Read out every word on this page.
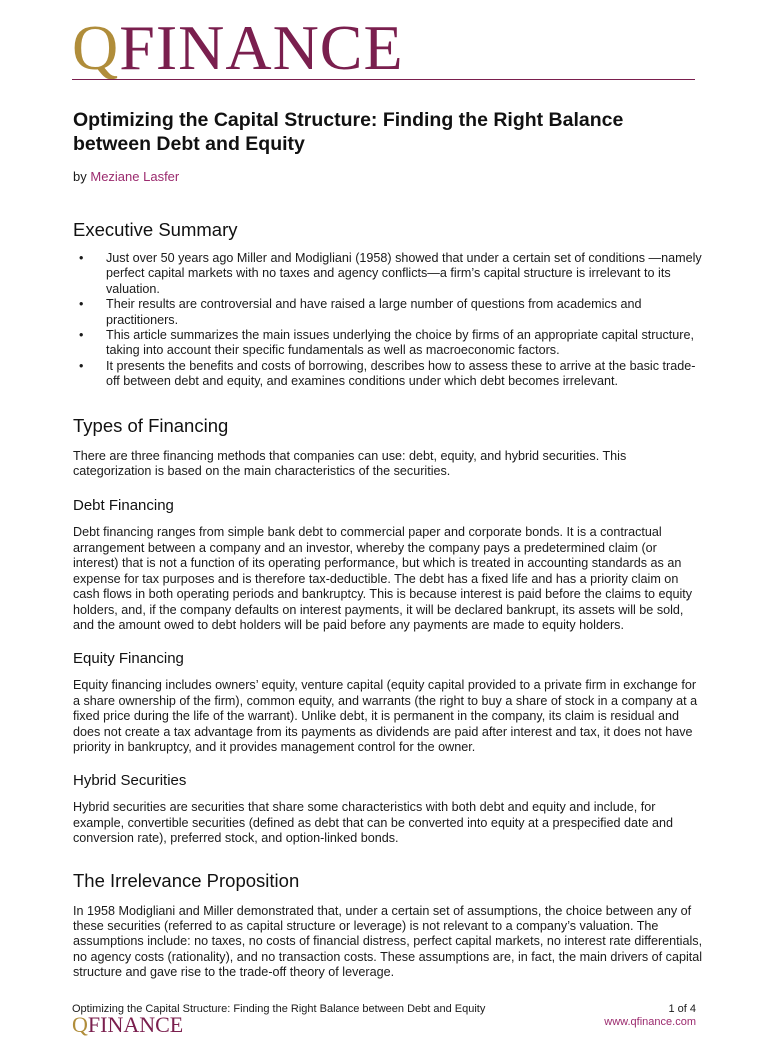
QFINANCE
Optimizing the Capital Structure: Finding the Right Balance between Debt and Equity

by Meziane Lasfer

Executive Summary
• Just over 50 years ago Miller and Modigliani (1958) showed that under a certain set of conditions —namely perfect capital markets with no taxes and agency conflicts—a firm’s capital structure is irrelevant to its valuation.
• Their results are controversial and have raised a large number of questions from academics and practitioners.
• This article summarizes the main issues underlying the choice by firms of an appropriate capital structure, taking into account their specific fundamentals as well as macroeconomic factors.
• It presents the benefits and costs of borrowing, describes how to assess these to arrive at the basic trade-off between debt and equity, and examines conditions under which debt becomes irrelevant.
Types of Financing

There are three financing methods that companies can use: debt, equity, and hybrid securities. This categorization is based on the main characteristics of the securities.

Debt Financing

Debt financing ranges from simple bank debt to commercial paper and corporate bonds. It is a contractual arrangement between a company and an investor, whereby the company pays a predetermined claim (or interest) that is not a function of its operating performance, but which is treated in accounting standards as an expense for tax purposes and is therefore tax-deductible. The debt has a fixed life and has a priority claim on cash flows in both operating periods and bankruptcy. This is because interest is paid before the claims to equity holders, and, if the company defaults on interest payments, it will be declared bankrupt, its assets will be sold, and the amount owed to debt holders will be paid before any payments are made to equity holders.

Equity Financing

Equity financing includes owners’ equity, venture capital (equity capital provided to a private firm in exchange for a share ownership of the firm), common equity, and warrants (the right to buy a share of stock in a company at a fixed price during the life of the warrant). Unlike debt, it is permanent in the company, its claim is residual and does not create a tax advantage from its payments as dividends are paid after interest and tax, it does not have priority in bankruptcy, and it provides management control for the owner.

Hybrid Securities

Hybrid securities are securities that share some characteristics with both debt and equity and include, for example, convertible securities (defined as debt that can be converted into equity at a prespecified date and conversion rate), preferred stock, and option-linked bonds.

The Irrelevance Proposition

In 1958 Modigliani and Miller demonstrated that, under a certain set of assumptions, the choice between any of these securities (referred to as capital structure or leverage) is not relevant to a company’s valuation. The assumptions include: no taxes, no costs of financial distress, perfect capital markets, no interest rate differentials, no agency costs (rationality), and no transaction costs. These assumptions are, in fact, the main drivers of capital structure and gave rise to the trade-off theory of leverage.

Optimizing the Capital Structure: Finding the Right Balance between Debt and Equity	1 of 4
www.qfinance.com
QFINANCE
